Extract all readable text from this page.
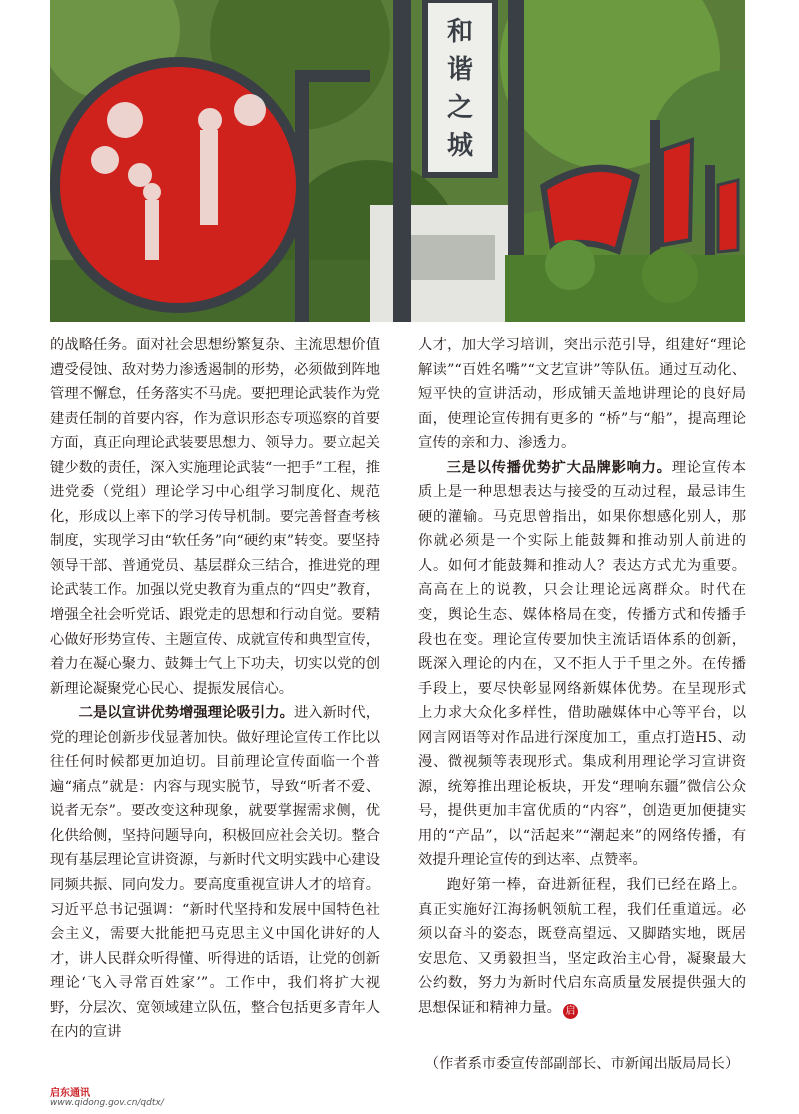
和
谐
之
城

的战略任务。面对社会思想纷繁复杂、主流思想价值遭受侵蚀、敌对势力渗透遏制的形势，必须做到阵地管理不懈怠，任务落实不马虎。要把理论武装作为党建责任制的首要内容，作为意识形态专项巡察的首要方面，真正向理论武装要思想力、领导力。要立起关键少数的责任，深入实施理论武装“一把手”工程，推进党委（党组）理论学习中心组学习制度化、规范化，形成以上率下的学习传导机制。要完善督查考核制度，实现学习由“软任务”向“硬约束”转变。要坚持领导干部、普通党员、基层群众三结合，推进党的理论武装工作。加强以党史教育为重点的“四史”教育，增强全社会听党话、跟党走的思想和行动自觉。要精心做好形势宣传、主题宣传、成就宣传和典型宣传，着力在凝心聚力、鼓舞士气上下功夫，切实以党的创新理论凝聚党心民心、提振发展信心。

二是以宣讲优势增强理论吸引力。进入新时代，党的理论创新步伐显著加快。做好理论宣传工作比以往任何时候都更加迫切。目前理论宣传面临一个普遍“痛点”就是：内容与现实脱节，导致“听者不爱、说者无奈”。要改变这种现象，就要掌握需求侧，优化供给侧，坚持问题导向，积极回应社会关切。整合现有基层理论宣讲资源，与新时代文明实践中心建设同频共振、同向发力。要高度重视宣讲人才的培育。习近平总书记强调：“新时代坚持和发展中国特色社会主义，需要大批能把马克思主义中国化讲好的人才，讲人民群众听得懂、听得进的话语，让党的创新理论‘飞入寻常百姓家’”。工作中，我们将扩大视野，分层次、宽领域建立队伍，整合包括更多青年人在内的宣讲

人才，加大学习培训，突出示范引导，组建好“理论解读”“百姓名嘴”“文艺宣讲”等队伍。通过互动化、短平快的宣讲活动，形成铺天盖地讲理论的良好局面，使理论宣传拥有更多的 “桥”与“船”，提高理论宣传的亲和力、渗透力。

三是以传播优势扩大品牌影响力。理论宣传本质上是一种思想表达与接受的互动过程，最忌讳生硬的灌输。马克思曾指出，如果你想感化别人，那你就必须是一个实际上能鼓舞和推动别人前进的人。如何才能鼓舞和推动人？表达方式尤为重要。高高在上的说教，只会让理论远离群众。时代在变，舆论生态、媒体格局在变，传播方式和传播手段也在变。理论宣传要加快主流话语体系的创新，既深入理论的内在，又不拒人于千里之外。在传播手段上，要尽快彰显网络新媒体优势。在呈现形式上力求大众化多样性，借助融媒体中心等平台，以网言网语等对作品进行深度加工，重点打造H5、动漫、微视频等表现形式。集成利用理论学习宣讲资源，统筹推出理论板块，开发“理响东疆”微信公众号，提供更加丰富优质的“内容”，创造更加便捷实用的“产品”，以“活起来”“潮起来”的网络传播，有效提升理论宣传的到达率、点赞率。

跑好第一棒，奋进新征程，我们已经在路上。真正实施好江海扬帆领航工程，我们任重道远。必须以奋斗的姿态，既登高望远、又脚踏实地，既居安思危、又勇毅担当，坚定政治主心骨，凝聚最大公约数，努力为新时代启东高质量发展提供强大的思想保证和精神力量。 启

（作者系市委宣传部副部长、市新闻出版局局长）
启东通讯
www.qidong.gov.cn/qdtx/
